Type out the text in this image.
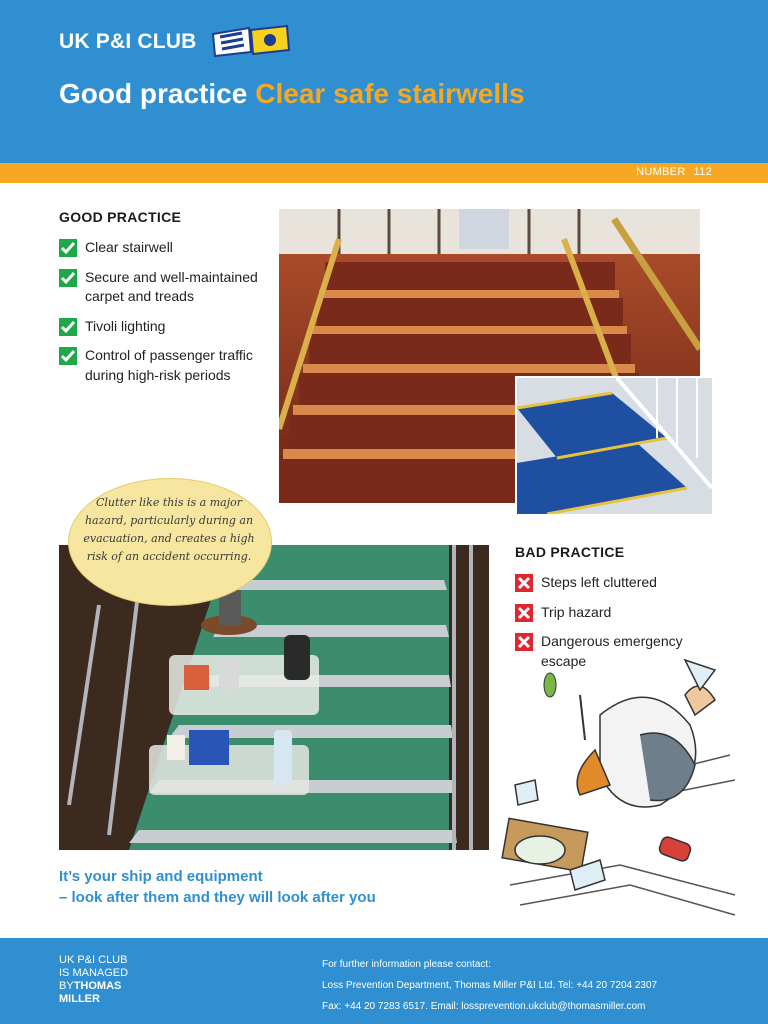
UK P&I CLUB
Good practice Clear safe stairwells
NUMBER 112
GOOD PRACTICE
Clear stairwell
Secure and well-maintained carpet and treads
Tivoli lighting
Control of passenger traffic during high-risk periods
Clutter like this is a major hazard, particularly during an evacuation, and creates a high risk of an accident occurring.	BAD PRACTICE
Steps left cluttered
Trip hazard
Dangerous emergency escape
It’s your ship and equipment
– look after them and they will look after you
UK P&I CLUB
IS MANAGED
BYTHOMAS
MILLER
For further information please contact:
Loss Prevention Department, Thomas Miller P&I Ltd. Tel: +44 20 7204 2307
Fax: +44 20 7283 6517. Email: lossprevention.ukclub@thomasmiller.com
